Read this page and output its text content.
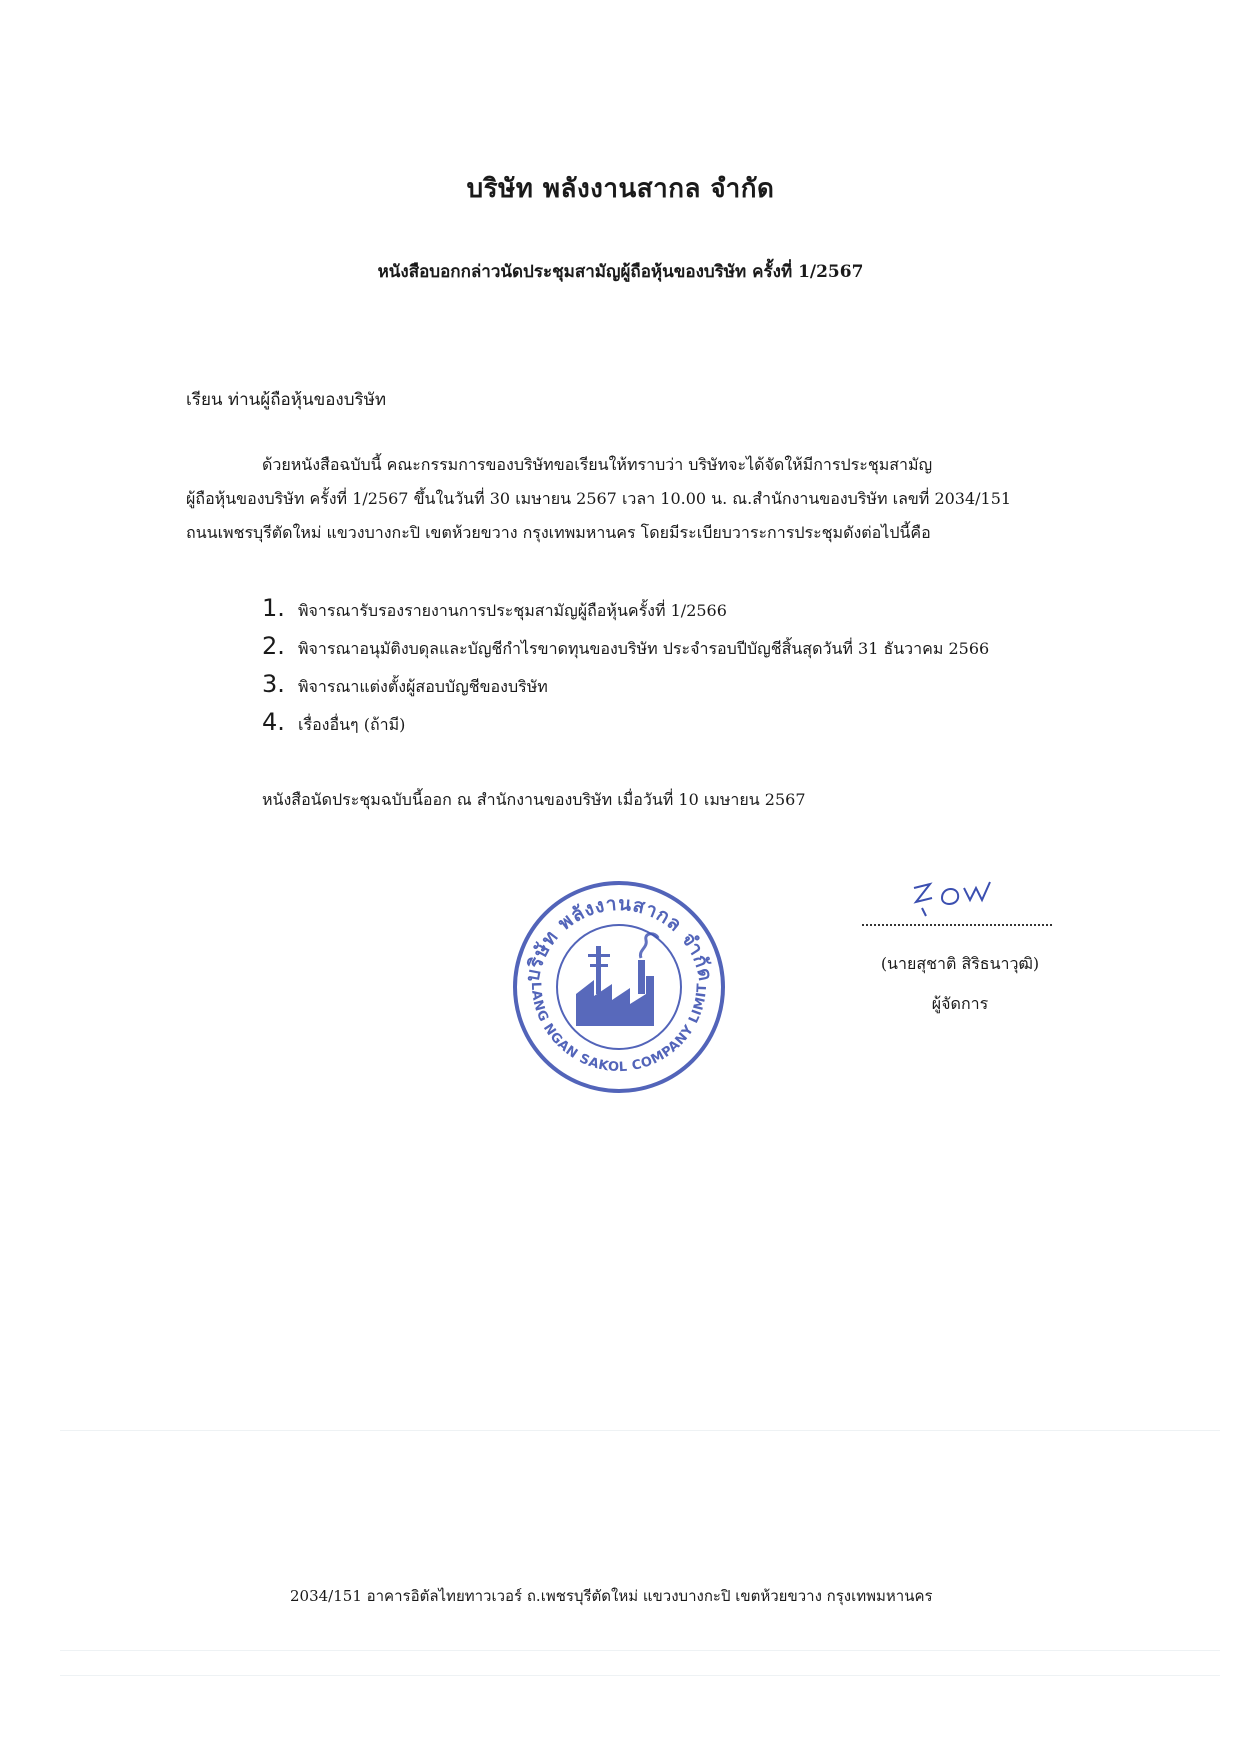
บริษัท พลังงานสากล จำกัด
หนังสือบอกกล่าวนัดประชุมสามัญผู้ถือหุ้นของบริษัท ครั้งที่ 1/2567
เรียน ท่านผู้ถือหุ้นของบริษัท
ด้วยหนังสือฉบับนี้ คณะกรรมการของบริษัทขอเรียนให้ทราบว่า บริษัทจะได้จัดให้มีการประชุมสามัญ
ผู้ถือหุ้นของบริษัท ครั้งที่ 1/2567 ขึ้นในวันที่ 30 เมษายน 2567 เวลา 10.00 น. ณ.สำนักงานของบริษัท เลขที่ 2034/151
ถนนเพชรบุรีตัดใหม่ แขวงบางกะปิ เขตห้วยขวาง กรุงเทพมหานคร โดยมีระเบียบวาระการประชุมดังต่อไปนี้คือ
1. พิจารณารับรองรายงานการประชุมสามัญผู้ถือหุ้นครั้งที่ 1/2566
2. พิจารณาอนุมัติงบดุลและบัญชีกำไรขาดทุนของบริษัท ประจำรอบปีบัญชีสิ้นสุดวันที่ 31 ธันวาคม 2566
3. พิจารณาแต่งตั้งผู้สอบบัญชีของบริษัท
4. เรื่องอื่นๆ (ถ้ามี)
หนังสือนัดประชุมฉบับนี้ออก ณ สำนักงานของบริษัท เมื่อวันที่ 10 เมษายน 2567
บริษัท พลังงานสากล จำกัด
LANG NGAN SAKOL COMPANY LIMIT
(นายสุชาติ สิริธนาวุฒิ)
ผู้จัดการ
2034/151 อาคารอิตัลไทยทาวเวอร์ ถ.เพชรบุรีตัดใหม่ แขวงบางกะปิ เขตห้วยขวาง กรุงเทพมหานคร
